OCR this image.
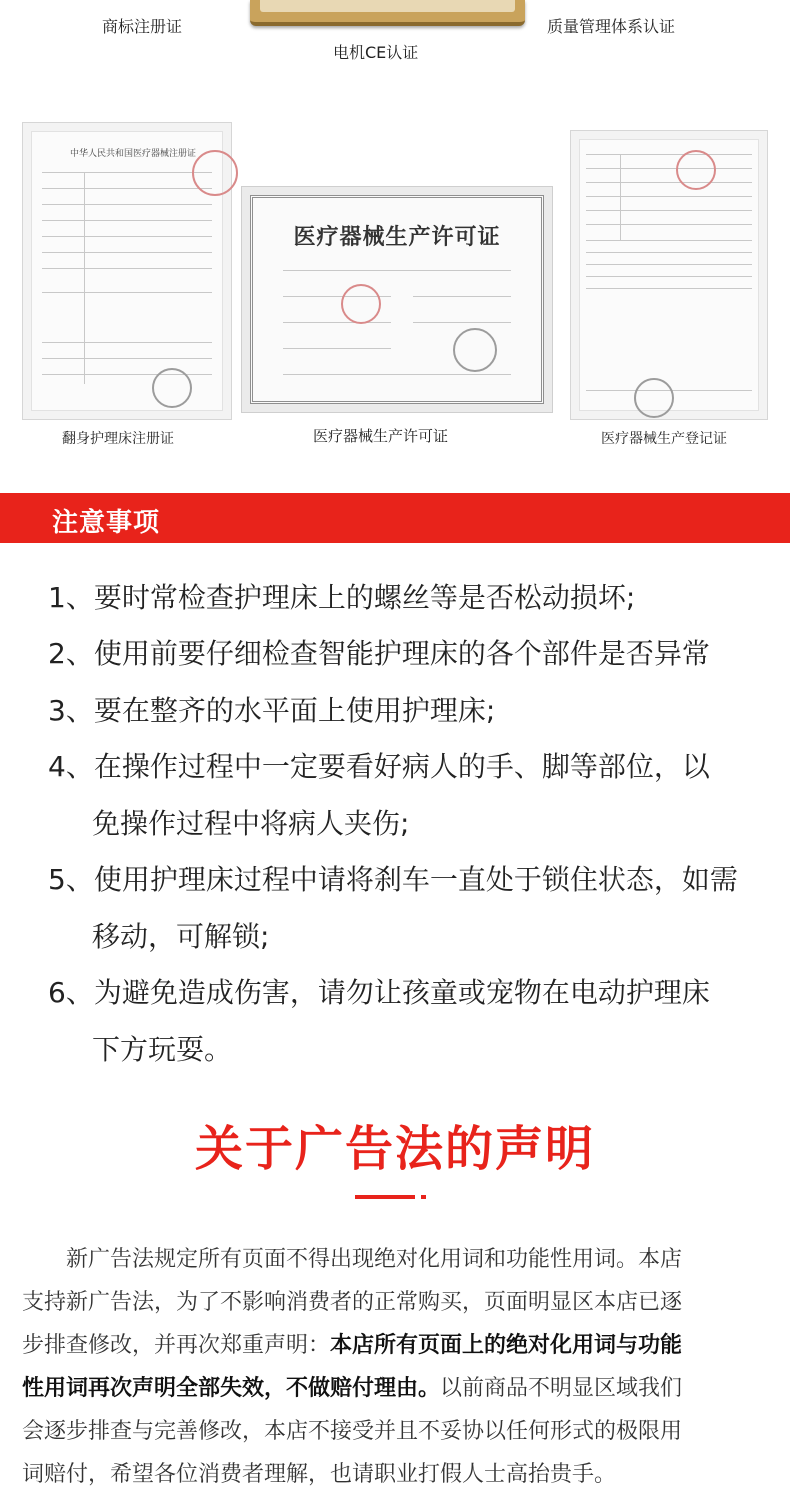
商标注册证
电机CE认证
质量管理体系认证
中华人民共和国医疗器械注册证
翻身护理床注册证
医疗器械生产许可证
医疗器械生产许可证	医疗器械生产登记证
注意事项
1、要时常检查护理床上的螺丝等是否松动损坏;
2、使用前要仔细检查智能护理床的各个部件是否异常
3、要在整齐的水平面上使用护理床;
4、在操作过程中一定要看好病人的手、脚等部位，以
免操作过程中将病人夹伤;
5、使用护理床过程中请将刹车一直处于锁住状态，如需
移动，可解锁;
6、为避免造成伤害，请勿让孩童或宠物在电动护理床
下方玩耍。
关于广告法的声明
新广告法规定所有页面不得出现绝对化用词和功能性用词。本店
支持新广告法，为了不影响消费者的正常购买，页面明显区本店已逐
步排查修改，并再次郑重声明：本店所有页面上的绝对化用词与功能
性用词再次声明全部失效，不做赔付理由。以前商品不明显区域我们
会逐步排查与完善修改，本店不接受并且不妥协以任何形式的极限用
词赔付，希望各位消费者理解，也请职业打假人士高抬贵手。
